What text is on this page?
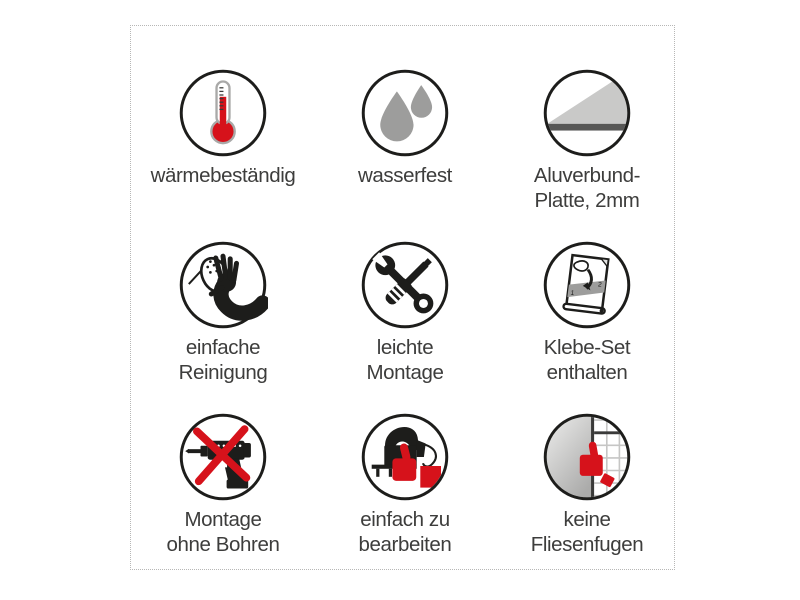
wärmebeständig	wasserfest	Aluverbund-
Platte, 2mm
einfache
Reinigung
leichte
Montage
1
2
Klebe-Set
enthalten
Montage
ohne Bohren
einfach zu
bearbeiten
keine
Fliesenfugen
